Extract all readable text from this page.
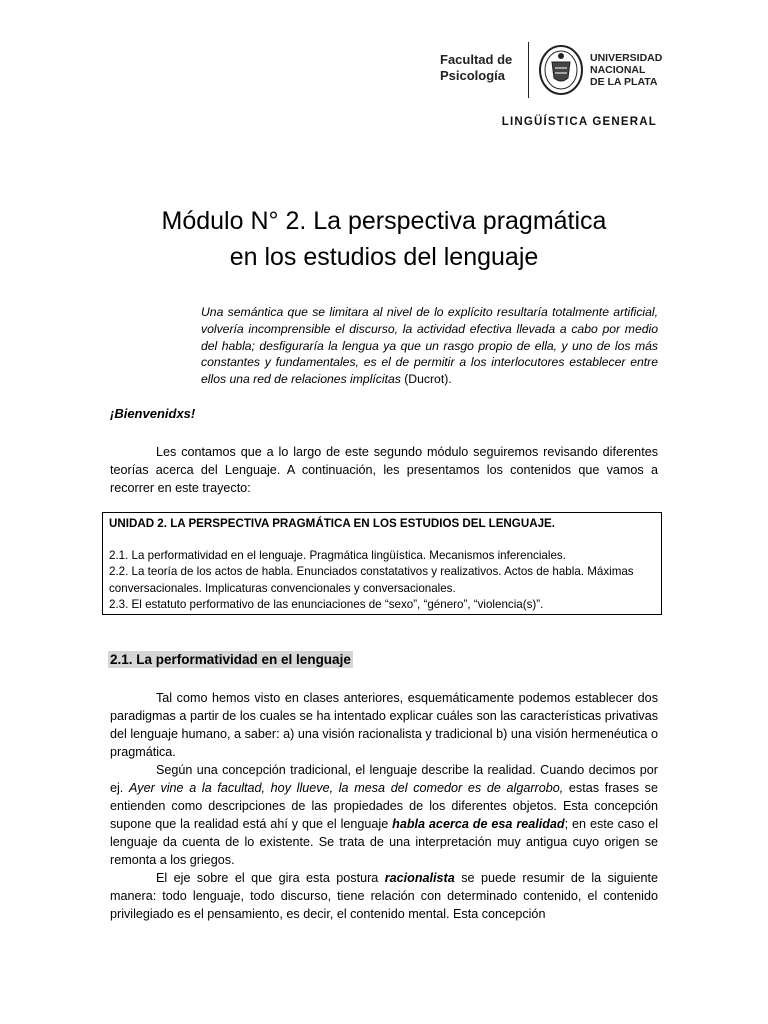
Facultad de
Psicología
UNIVERSIDAD
NACIONAL
DE LA PLATA
LINGÜÍSTICA GENERAL
Módulo N° 2. La perspectiva pragmática
en los estudios del lenguaje
Una semántica que se limitara al nivel de lo explícito resultaría totalmente artificial, volvería incomprensible el discurso, la actividad efectiva llevada a cabo por medio del habla; desfiguraría la lengua ya que un rasgo propio de ella, y uno de los más constantes y fundamentales, es el de permitir a los interlocutores establecer entre ellos una red de relaciones implícitas (Ducrot).
¡Bienvenidxs!
Les contamos que a lo largo de este segundo módulo seguiremos revisando diferentes teorías acerca del Lenguaje. A continuación, les presentamos los contenidos que vamos a recorrer en este trayecto:
UNIDAD 2. LA PERSPECTIVA PRAGMÁTICA EN LOS ESTUDIOS DEL LENGUAJE.
2.1. La performatividad en el lenguaje. Pragmática lingüística. Mecanismos inferenciales.
2.2. La teoría de los actos de habla. Enunciados constatativos y realizativos. Actos de habla. Máximas conversacionales. Implicaturas convencionales y conversacionales.
2.3. El estatuto performativo de las enunciaciones de “sexo”, “género”, “violencia(s)”.
2.1. La performatividad en el lenguaje
Tal como hemos visto en clases anteriores, esquemáticamente podemos establecer dos paradigmas a partir de los cuales se ha intentado explicar cuáles son las características privativas del lenguaje humano, a saber: a) una visión racionalista y tradicional b) una visión hermenéutica o pragmática.
Según una concepción tradicional, el lenguaje describe la realidad. Cuando decimos por ej. Ayer vine a la facultad, hoy llueve, la mesa del comedor es de algarrobo, estas frases se entienden como descripciones de las propiedades de los diferentes objetos. Esta concepción supone que la realidad está ahí y que el lenguaje habla acerca de esa realidad; en este caso el lenguaje da cuenta de lo existente. Se trata de una interpretación muy antigua cuyo origen se remonta a los griegos.
El eje sobre el que gira esta postura racionalista se puede resumir de la siguiente manera: todo lenguaje, todo discurso, tiene relación con determinado contenido, el contenido privilegiado es el pensamiento, es decir, el contenido mental. Esta concepción
